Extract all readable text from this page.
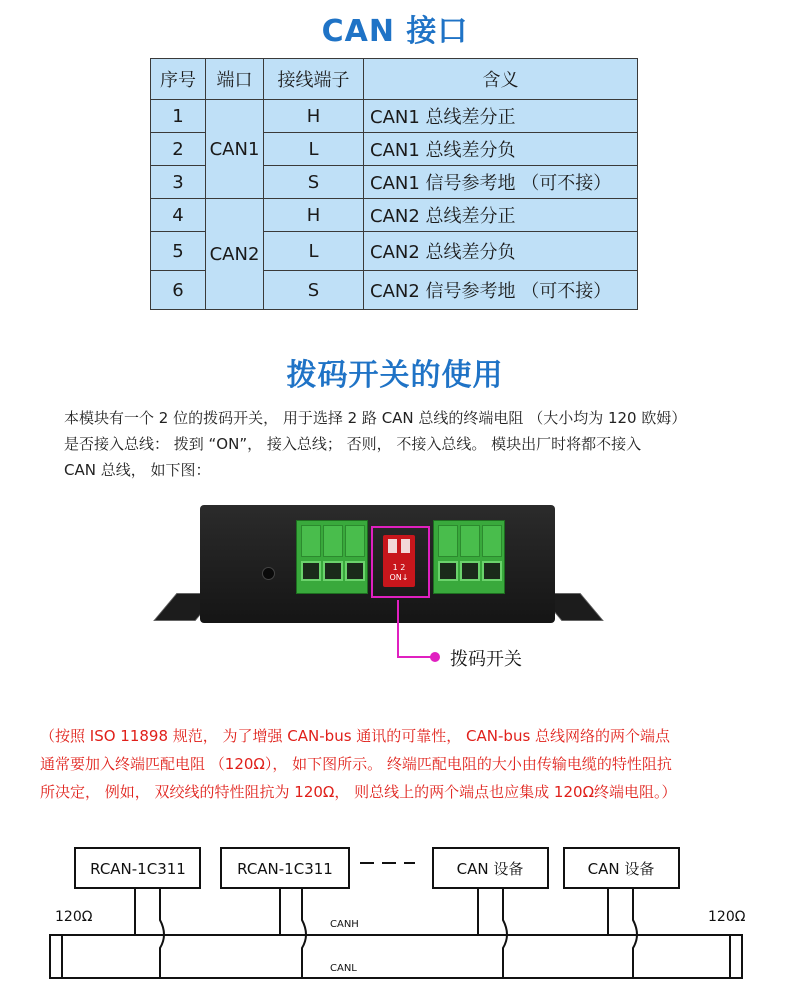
CAN 接口
序号	端口	接线端子	含义
1	CAN1	H	CAN1 总线差分正
2		L	CAN1 总线差分负
3		S	CAN1 信号参考地 （可不接）
4	CAN2	H	CAN2 总线差分正
5		L	CAN2 总线差分负
6		S	CAN2 信号参考地 （可不接）
拨码开关的使用
本模块有一个 2 位的拨码开关， 用于选择 2 路 CAN 总线的终端电阻 （大小均为 120 欧姆）
是否接入总线： 拨到 “ON”， 接入总线； 否则， 不接入总线。 模块出厂时将都不接入
CAN 总线， 如下图：
1 2
ON↓
拨码开关
（按照 ISO 11898 规范， 为了增强 CAN-bus 通讯的可靠性， CAN-bus 总线网络的两个端点
通常要加入终端匹配电阻 （120Ω）， 如下图所示。 终端匹配电阻的大小由传输电缆的特性阻抗
所决定， 例如， 双绞线的特性阻抗为 120Ω， 则总线上的两个端点也应集成 120Ω终端电阻。）
RCAN-1C311	RCAN-1C311	CAN 设备	CAN 设备
120Ω	120Ω
CANH
CANL
